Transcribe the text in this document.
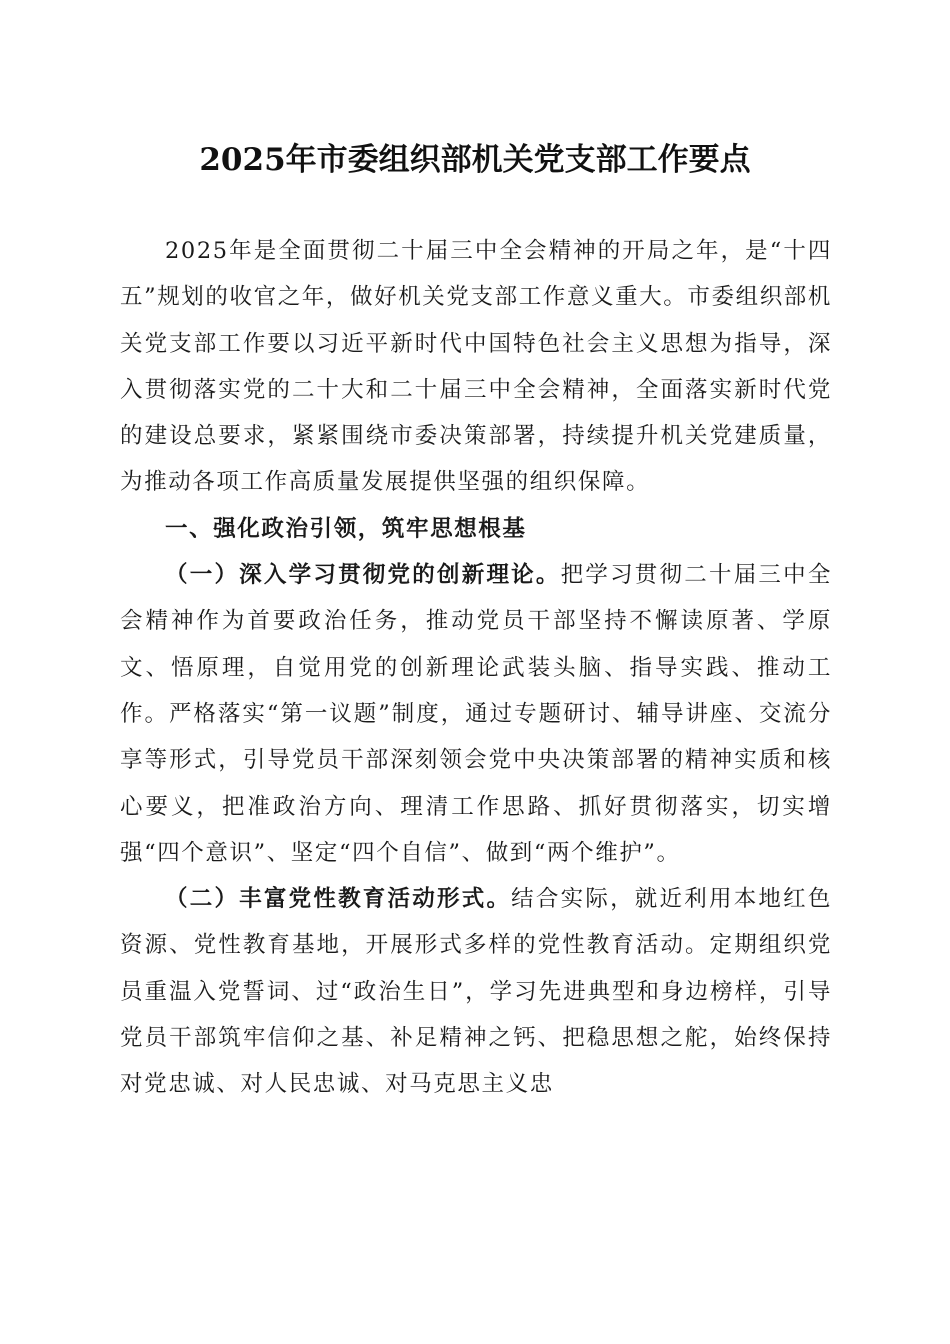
2025年市委组织部机关党支部工作要点

2025年是全面贯彻二十届三中全会精神的开局之年，是“十四五”规划的收官之年，做好机关党支部工作意义重大。市委组织部机关党支部工作要以习近平新时代中国特色社会主义思想为指导，深入贯彻落实党的二十大和二十届三中全会精神，全面落实新时代党的建设总要求，紧紧围绕市委决策部署，持续提升机关党建质量，为推动各项工作高质量发展提供坚强的组织保障。

一、强化政治引领，筑牢思想根基

（一）深入学习贯彻党的创新理论。把学习贯彻二十届三中全会精神作为首要政治任务，推动党员干部坚持不懈读原著、学原文、悟原理，自觉用党的创新理论武装头脑、指导实践、推动工作。严格落实“第一议题”制度，通过专题研讨、辅导讲座、交流分享等形式，引导党员干部深刻领会党中央决策部署的精神实质和核心要义，把准政治方向、理清工作思路、抓好贯彻落实，切实增强“四个意识”、坚定“四个自信”、做到“两个维护”。

（二）丰富党性教育活动形式。结合实际，就近利用本地红色资源、党性教育基地，开展形式多样的党性教育活动。定期组织党员重温入党誓词、过“政治生日”，学习先进典型和身边榜样，引导党员干部筑牢信仰之基、补足精神之钙、把稳思想之舵，始终保持对党忠诚、对人民忠诚、对马克思主义忠
